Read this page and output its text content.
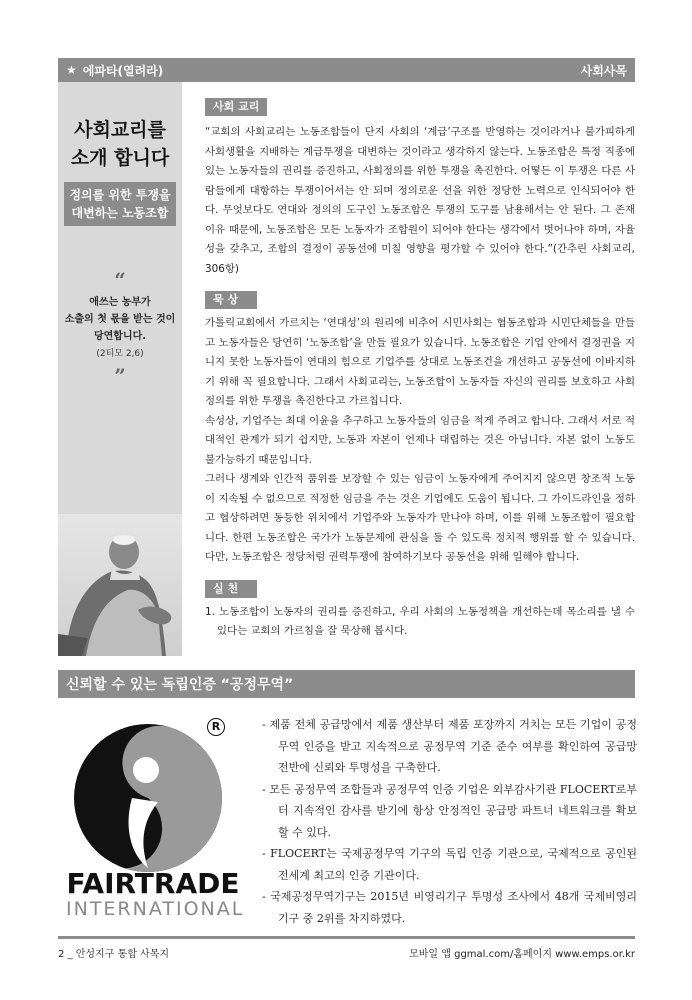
★ 에파타(열려라)	사회사목
사회교리를
소개 합니다
정의를 위한 투쟁을
대변하는 노동조합
“
애쓰는 농부가
소출의 첫 몫을 받는 것이
당연합니다.
(2티모 2,6)
”
사회 교리

“교회의 사회교리는 노동조합들이 단지 사회의 ‘계급’구조를 반영하는 것이라거나 불가피하게 사회생활을 지배하는 계급투쟁을 대변하는 것이라고 생각하지 않는다. 노동조합은 특정 직종에 있는 노동자들의 권리를 증진하고, 사회정의를 위한 투쟁을 촉진한다. 어떻든 이 투쟁은 다른 사람들에게 대항하는 투쟁이어서는 안 되며 정의로운 선을 위한 정당한 노력으로 인식되어야 한다. 무엇보다도 연대와 정의의 도구인 노동조합은 투쟁의 도구를 남용해서는 안 된다. 그 존재 이유 때문에, 노동조합은 모든 노동자가 조합원이 되어야 한다는 생각에서 벗어나야 하며, 자율성을 갖추고, 조합의 결정이 공동선에 미칠 영향을 평가할 수 있어야 한다.”(간추린 사회교리, 306항)

묵 상

가톨릭교회에서 가르치는 ‘연대성’의 원리에 비추어 시민사회는 협동조합과 시민단체들을 만들고 노동자들은 당연히 ‘노동조합’을 만들 필요가 있습니다. 노동조합은 기업 안에서 결정권을 지니지 못한 노동자들이 연대의 힘으로 기업주를 상대로 노동조건을 개선하고 공동선에 이바지하기 위해 꼭 필요합니다. 그래서 사회교리는, 노동조합이 노동자들 자신의 권리를 보호하고 사회정의를 위한 투쟁을 촉진한다고 가르칩니다.

속성상, 기업주는 최대 이윤을 추구하고 노동자들의 임금을 적게 주려고 합니다. 그래서 서로 적대적인 관계가 되기 쉽지만, 노동과 자본이 언제나 대립하는 것은 아닙니다. 자본 없이 노동도 불가능하기 때문입니다.

그러나 생계와 인간적 품위를 보장할 수 있는 임금이 노동자에게 주어지지 않으면 창조적 노동이 지속될 수 없으므로 적정한 임금을 주는 것은 기업에도 도움이 됩니다. 그 가이드라인을 정하고 협상하려면 동등한 위치에서 기업주와 노동자가 만나야 하며, 이를 위해 노동조합이 필요합니다. 한편 노동조합은 국가가 노동문제에 관심을 둘 수 있도록 정치적 행위를 할 수 있습니다. 다만, 노동조합은 정당처럼 권력투쟁에 참여하기보다 공동선을 위해 일해야 합니다.

실 천

1. 노동조합이 노동자의 권리를 증진하고, 우리 사회의 노동정책을 개선하는데 목소리를 낼 수 있다는 교회의 가르침을 잘 묵상해 봅시다.

신뢰할 수 있는 독립인증 “공정무역”
R
FAIRTRADE
INTERNATIONAL
- 제품 전체 공급망에서 제품 생산부터 제품 포장까지 거치는 모든 기업이 공정무역 인증을 받고 지속적으로 공정무역 기준 준수 여부를 확인하여 공급망 전반에 신뢰와 투명성을 구축한다.
- 모든 공정무역 조합들과 공정무역 인증 기업은 외부감사기관 FLOCERT로부터 지속적인 감사를 받기에 항상 안정적인 공급망 파트너 네트워크를 확보할 수 있다.
- FLOCERT는 국제공정무역 기구의 독립 인증 기관으로, 국제적으로 공인된 전세계 최고의 인증 기관이다.
- 국제공정무역기구는 2015년 비영리기구 투명성 조사에서 48개 국제비영리기구 중 2위를 차지하였다.
2 _ 안성지구 통합 사목지	모바일 앱 ggmal.com/홈페이지 www.emps.or.kr
